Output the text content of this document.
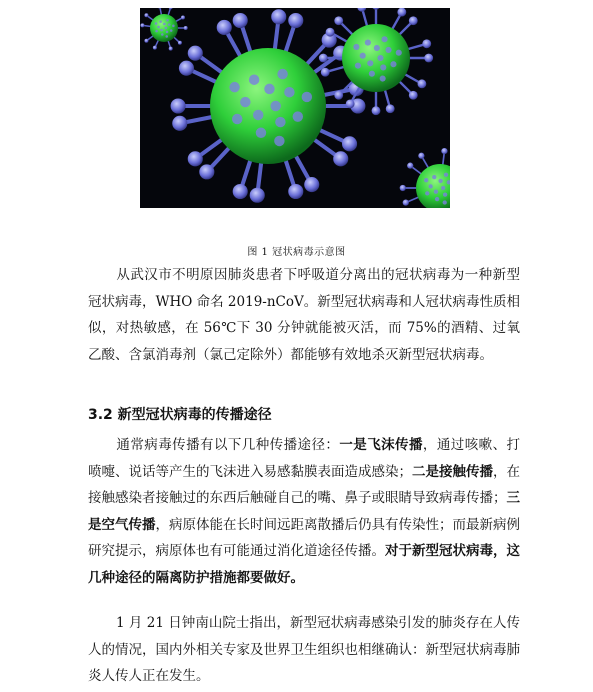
图 1 冠状病毒示意图

从武汉市不明原因肺炎患者下呼吸道分离出的冠状病毒为一种新型冠状病毒，WHO 命名 2019-nCoV。新型冠状病毒和人冠状病毒性质相似，对热敏感，在 56℃下 30 分钟就能被灭活，而 75%的酒精、过氧乙酸、含氯消毒剂（氯己定除外）都能够有效地杀灭新型冠状病毒。

3.2 新型冠状病毒的传播途径

通常病毒传播有以下几种传播途径：一是飞沫传播，通过咳嗽、打喷嚏、说话等产生的飞沫进入易感黏膜表面造成感染；二是接触传播，在接触感染者接触过的东西后触碰自己的嘴、鼻子或眼睛导致病毒传播；三是空气传播，病原体能在长时间远距离散播后仍具有传染性；而最新病例研究提示，病原体也有可能通过消化道途径传播。对于新型冠状病毒，这几种途径的隔离防护措施都要做好。

1 月 21 日钟南山院士指出，新型冠状病毒感染引发的肺炎存在人传人的情况，国内外相关专家及世界卫生组织也相继确认：新型冠状病毒肺炎人传人正在发生。
